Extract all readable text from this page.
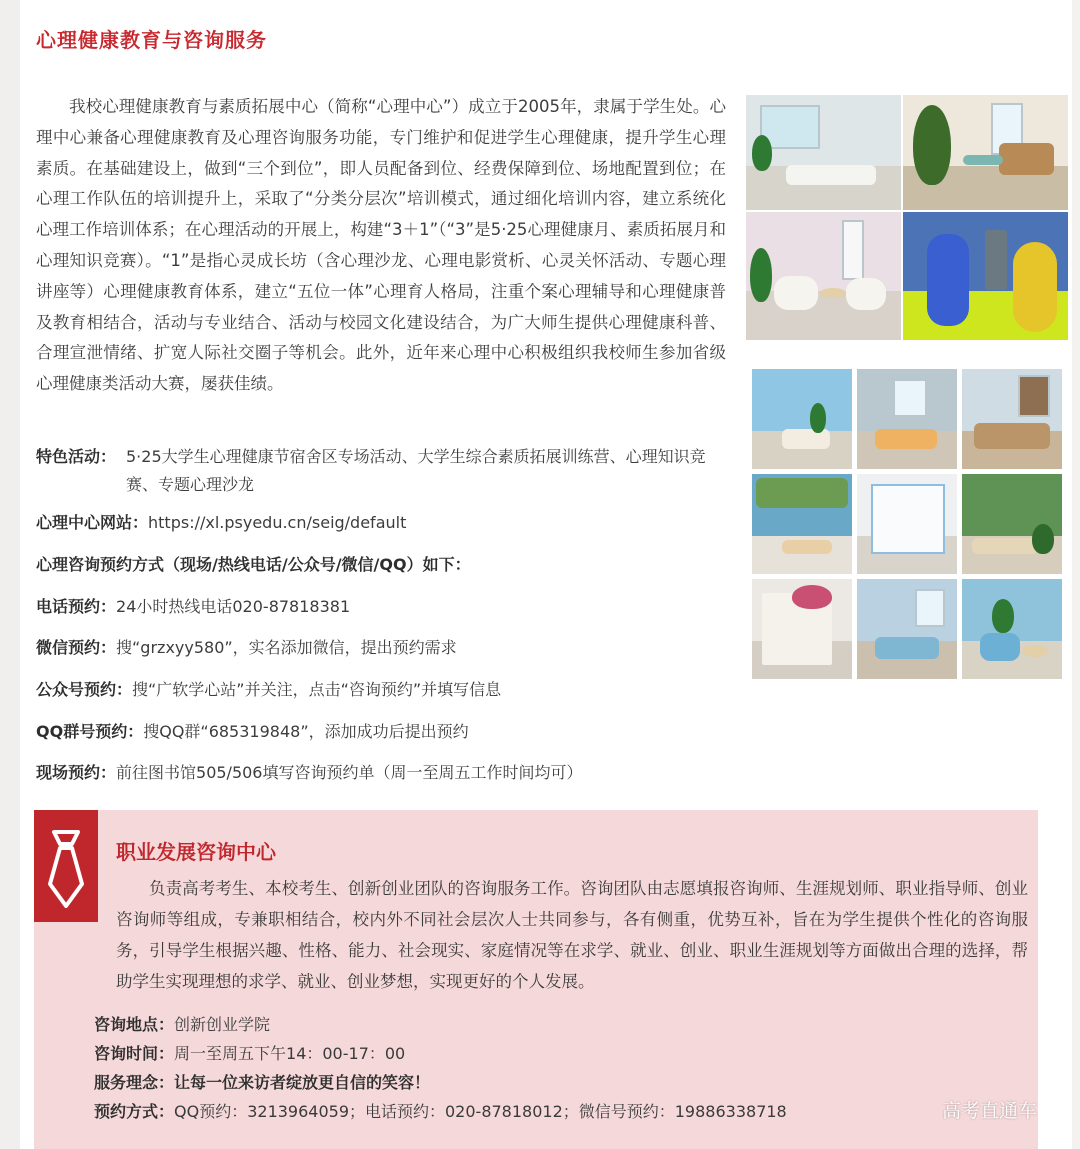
心理健康教育与咨询服务

我校心理健康教育与素质拓展中心（简称“心理中心”）成立于2005年，隶属于学生处。心理中心兼备心理健康教育及心理咨询服务功能，专门维护和促进学生心理健康，提升学生心理素质。在基础建设上，做到“三个到位”，即人员配备到位、经费保障到位、场地配置到位；在心理工作队伍的培训提升上，采取了“分类分层次”培训模式，通过细化培训内容，建立系统化心理工作培训体系；在心理活动的开展上，构建“3＋1”（“3”是5·25心理健康月、素质拓展月和心理知识竞赛）。“1”是指心灵成长坊（含心理沙龙、心理电影赏析、心灵关怀活动、专题心理讲座等）心理健康教育体系，建立“五位一体”心理育人格局，注重个案心理辅导和心理健康普及教育相结合，活动与专业结合、活动与校园文化建设结合，为广大师生提供心理健康科普、合理宣泄情绪、扩宽人际社交圈子等机会。此外，近年来心理中心积极组织我校师生参加省级心理健康类活动大赛，屡获佳绩。

特色活动： 5·25大学生心理健康节宿舍区专场活动、大学生综合素质拓展训练营、心理知识竞赛、专题心理沙龙
心理中心网站：https://xl.psyedu.cn/seig/default
心理咨询预约方式（现场/热线电话/公众号/微信/QQ）如下：
电话预约：24小时热线电话020-87818381
微信预约：搜“grzxyy580”，实名添加微信，提出预约需求
公众号预约：搜“广软学心站”并关注，点击“咨询预约”并填写信息
QQ群号预约：搜QQ群“685319848”，添加成功后提出预约
现场预约：前往图书馆505/506填写咨询预约单（周一至周五工作时间均可）
职业发展咨询中心

负责高考考生、本校考生、创新创业团队的咨询服务工作。咨询团队由志愿填报咨询师、生涯规划师、职业指导师、创业咨询师等组成，专兼职相结合，校内外不同社会层次人士共同参与，各有侧重，优势互补，旨在为学生提供个性化的咨询服务，引导学生根据兴趣、性格、能力、社会现实、家庭情况等在求学、就业、创业、职业生涯规划等方面做出合理的选择，帮助学生实现理想的求学、就业、创业梦想，实现更好的个人发展。

咨询地点：创新创业学院
咨询时间：周一至周五下午14：00-17：00
服务理念：让每一位来访者绽放更自信的笑容！
预约方式：QQ预约：3213964059；电话预约：020-87818012；微信号预约：19886338718	高考直通车
